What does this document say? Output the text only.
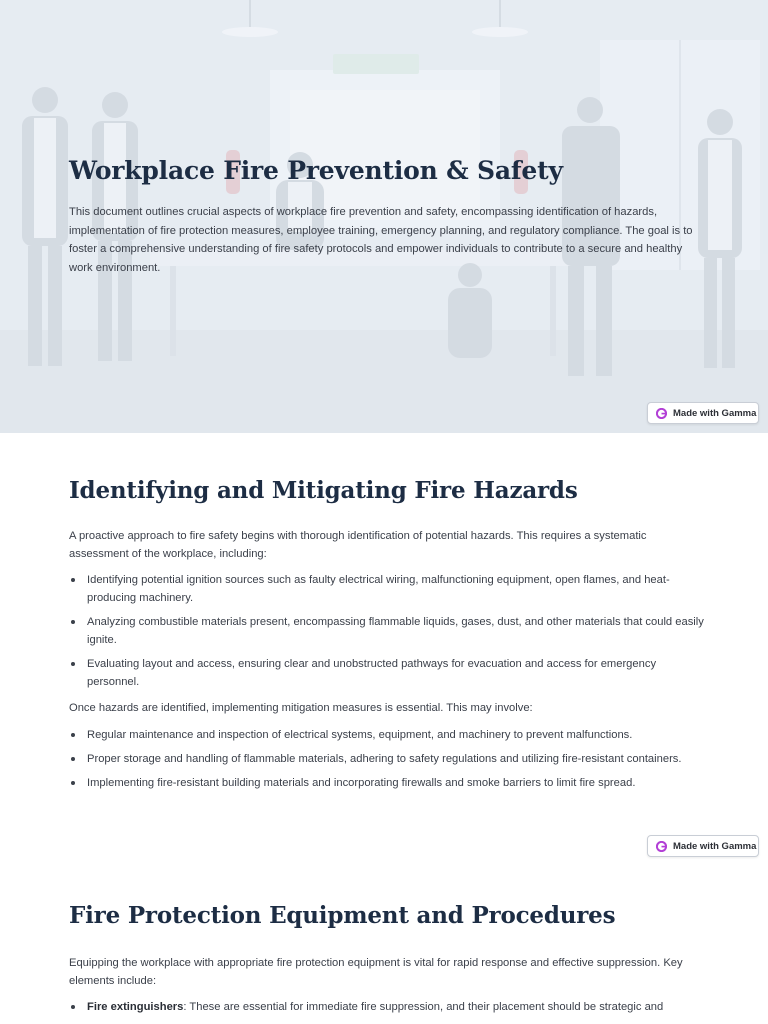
Workplace Fire Prevention & Safety

This document outlines crucial aspects of workplace fire prevention and safety, encompassing identification of hazards, implementation of fire protection measures, employee training, emergency planning, and regulatory compliance. The goal is to foster a comprehensive understanding of fire safety protocols and empower individuals to contribute to a secure and healthy work environment.

Made with Gamma
Identifying and Mitigating Fire Hazards

A proactive approach to fire safety begins with thorough identification of potential hazards. This requires a systematic assessment of the workplace, including:

Identifying potential ignition sources such as faulty electrical wiring, malfunctioning equipment, open flames, and heat-producing machinery.
Analyzing combustible materials present, encompassing flammable liquids, gases, dust, and other materials that could easily ignite.
Evaluating layout and access, ensuring clear and unobstructed pathways for evacuation and access for emergency personnel.

Once hazards are identified, implementing mitigation measures is essential. This may involve:

Regular maintenance and inspection of electrical systems, equipment, and machinery to prevent malfunctions.
Proper storage and handling of flammable materials, adhering to safety regulations and utilizing fire-resistant containers.
Implementing fire-resistant building materials and incorporating firewalls and smoke barriers to limit fire spread.
Made with Gamma
Fire Protection Equipment and Procedures

Equipping the workplace with appropriate fire protection equipment is vital for rapid response and effective suppression. Key elements include:

Fire extinguishers: These are essential for immediate fire suppression, and their placement should be strategic and
